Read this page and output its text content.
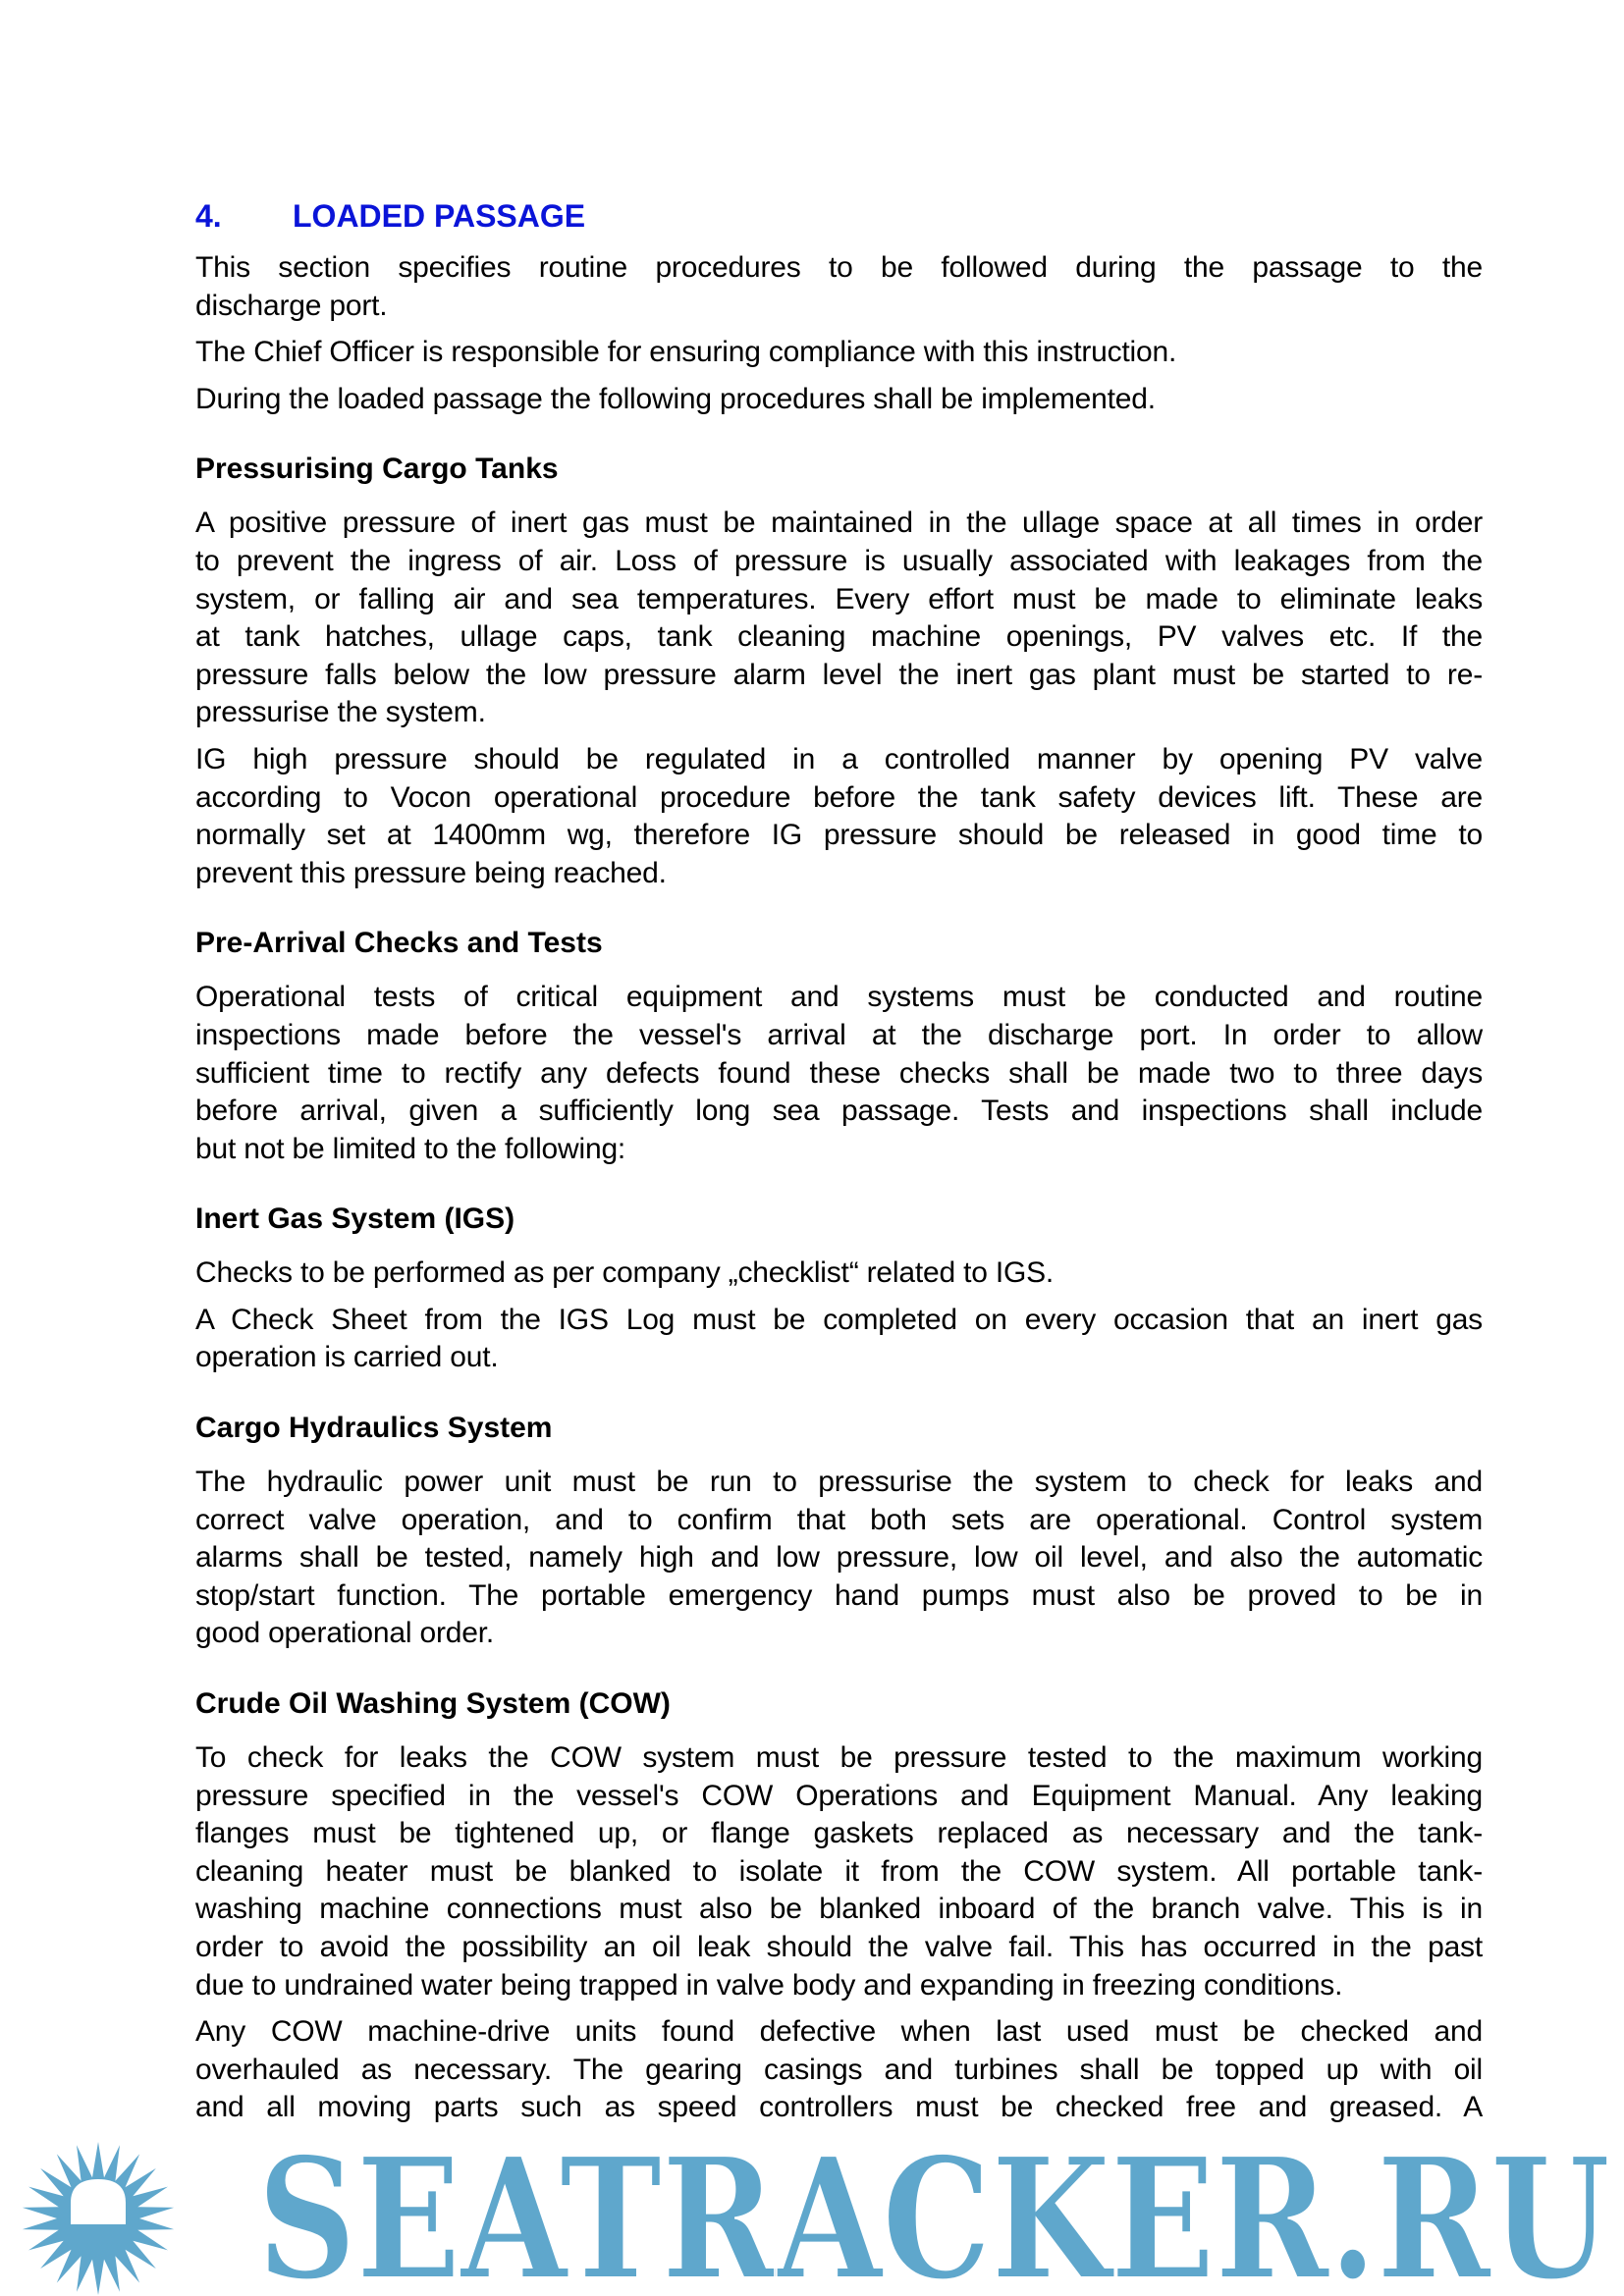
4. LOADED PASSAGE
This section specifies routine procedures to be followed during the passage to the
discharge port.
The Chief Officer is responsible for ensuring compliance with this instruction.
During the loaded passage the following procedures shall be implemented.
Pressurising Cargo Tanks
A positive pressure of inert gas must be maintained in the ullage space at all times in order
to prevent the ingress of air. Loss of pressure is usually associated with leakages from the
system, or falling air and sea temperatures. Every effort must be made to eliminate leaks
at tank hatches, ullage caps, tank cleaning machine openings, PV valves etc. If the
pressure falls below the low pressure alarm level the inert gas plant must be started to re-
pressurise the system.
IG high pressure should be regulated in a controlled manner by opening PV valve
according to Vocon operational procedure before the tank safety devices lift. These are
normally set at 1400mm wg, therefore IG pressure should be released in good time to
prevent this pressure being reached.
Pre-Arrival Checks and Tests
Operational tests of critical equipment and systems must be conducted and routine
inspections made before the vessel's arrival at the discharge port. In order to allow
sufficient time to rectify any defects found these checks shall be made two to three days
before arrival, given a sufficiently long sea passage. Tests and inspections shall include
but not be limited to the following:
Inert Gas System (IGS)
Checks to be performed as per company „checklist“ related to IGS.
A Check Sheet from the IGS Log must be completed on every occasion that an inert gas
operation is carried out.
Cargo Hydraulics System
The hydraulic power unit must be run to pressurise the system to check for leaks and
correct valve operation, and to confirm that both sets are operational. Control system
alarms shall be tested, namely high and low pressure, low oil level, and also the automatic
stop/start function. The portable emergency hand pumps must also be proved to be in
good operational order.
Crude Oil Washing System (COW)
To check for leaks the COW system must be pressure tested to the maximum working
pressure specified in the vessel's COW Operations and Equipment Manual. Any leaking
flanges must be tightened up, or flange gaskets replaced as necessary and the tank-
cleaning heater must be blanked to isolate it from the COW system. All portable tank-
washing machine connections must also be blanked inboard of the branch valve. This is in
order to avoid the possibility an oil leak should the valve fail. This has occurred in the past
due to undrained water being trapped in valve body and expanding in freezing conditions.
Any COW machine-drive units found defective when last used must be checked and
overhauled as necessary. The gearing casings and turbines shall be topped up with oil
and all moving parts such as speed controllers must be checked free and greased. A
SEATRACKER.RU
